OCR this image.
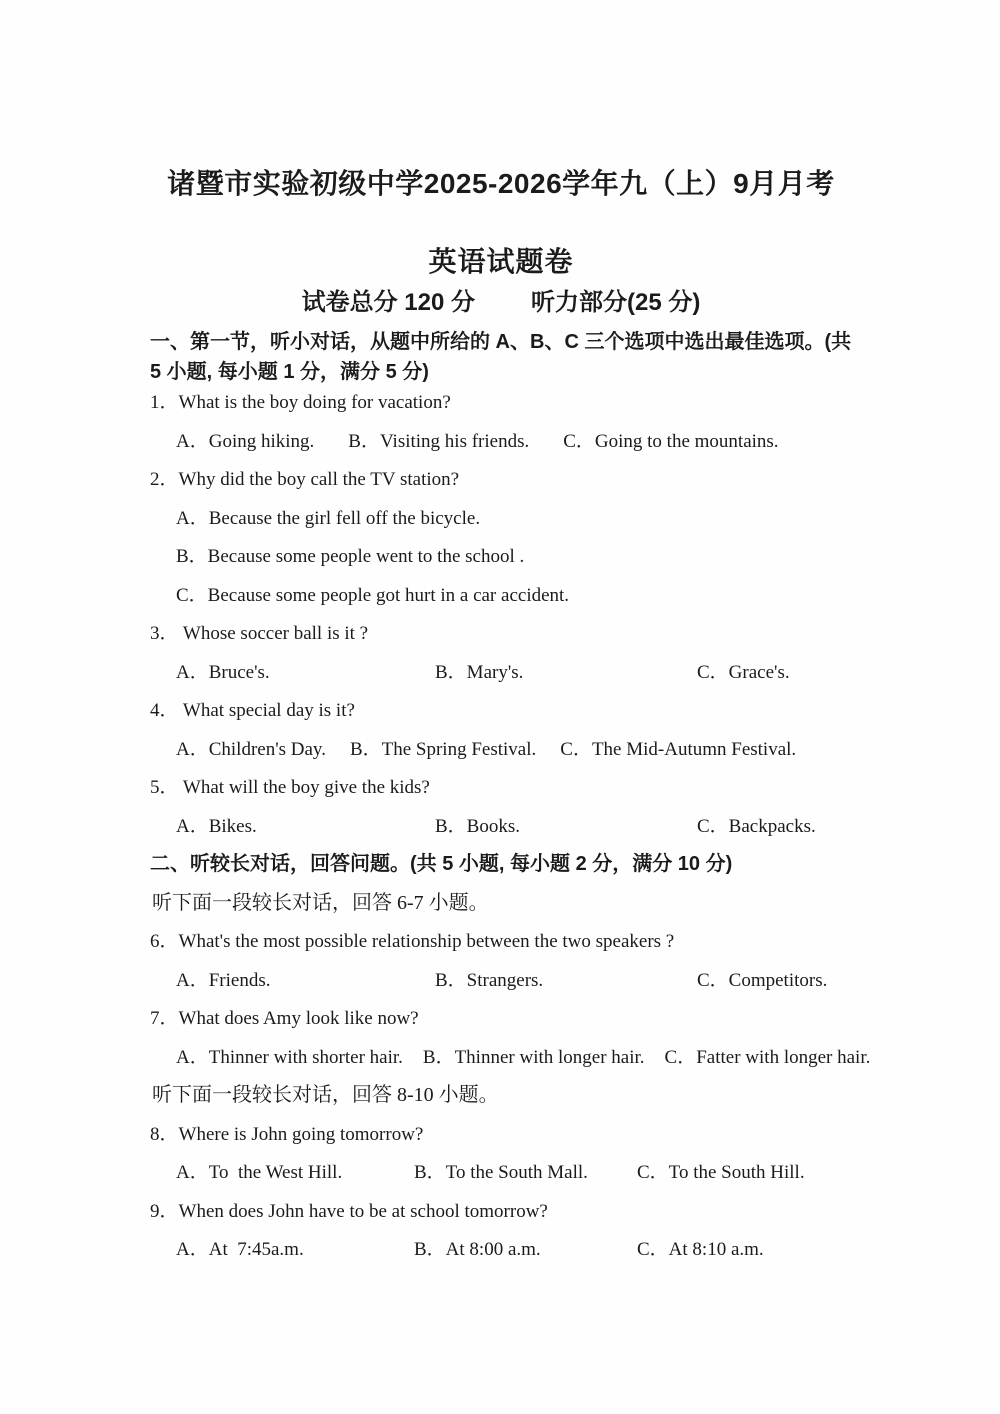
诸暨市实验初级中学2025-2026学年九（上）9月月考
英语试题卷
试卷总分 120 分 听力部分(25 分)
一、第一节，听小对话，从题中所给的 A、B、C 三个选项中选出最佳选项。(共 5 小题, 每小题 1 分，满分 5 分)
1．What is the boy doing for vacation?
A．Going hiking. B．Visiting his friends. C．Going to the mountains.
2．Why did the boy call the TV station?
A．Because the girl fell off the bicycle.
B．Because some people went to the school .
C．Because some people got hurt in a car accident.
3． Whose soccer ball is it ?
A．Bruce's.	B．Mary's.	C．Grace's.
4． What special day is it?
A．Children's Day. B．The Spring Festival. C．The Mid-Autumn Festival.
5． What will the boy give the kids?
A．Bikes.	B．Books.	C．Backpacks.
二、听较长对话，回答问题。(共 5 小题, 每小题 2 分，满分 10 分)
听下面一段较长对话，回答 6-7 小题。
6．What's the most possible relationship between the two speakers ?
A．Friends.	B．Strangers.	C．Competitors.
7．What does Amy look like now?
A．Thinner with shorter hair. B．Thinner with longer hair. C．Fatter with longer hair.
听下面一段较长对话，回答 8-10 小题。
8．Where is John going tomorrow?
A．To  the West Hill.	B．To the South Mall.	C．To the South Hill.
9．When does John have to be at school tomorrow?
A．At  7:45a.m.	B．At 8:00 a.m.	C．At 8:10 a.m.
